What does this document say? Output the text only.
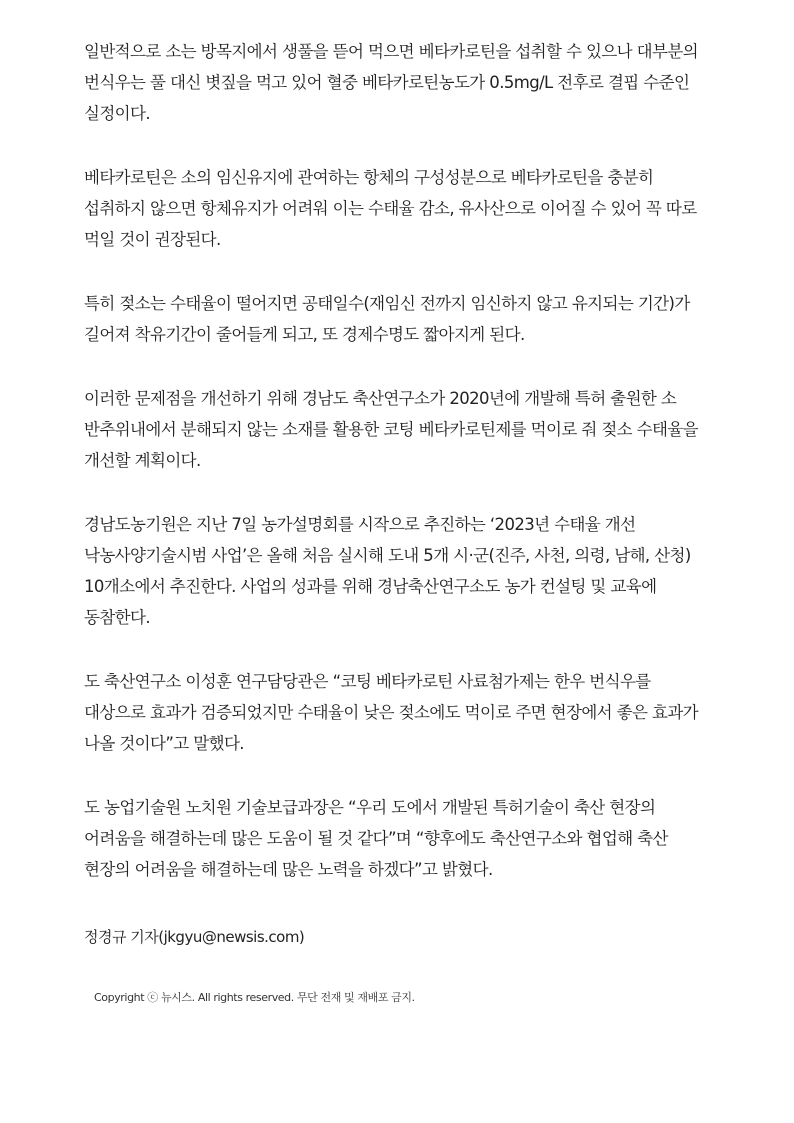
일반적으로 소는 방목지에서 생풀을 뜯어 먹으면 베타카로틴을 섭취할 수 있으나 대부분의 번식우는 풀 대신 볏짚을 먹고 있어 혈중 베타카로틴농도가 0.5mg/L 전후로 결핍 수준인 실정이다.

베타카로틴은 소의 임신유지에 관여하는 항체의 구성성분으로 베타카로틴을 충분히 섭취하지 않으면 항체유지가 어려워 이는 수태율 감소, 유사산으로 이어질 수 있어 꼭 따로 먹일 것이 권장된다.

특히 젖소는 수태율이 떨어지면 공태일수(재임신 전까지 임신하지 않고 유지되는 기간)가 길어져 착유기간이 줄어들게 되고, 또 경제수명도 짧아지게 된다.

이러한 문제점을 개선하기 위해 경남도 축산연구소가 2020년에 개발해 특허 출원한 소 반추위내에서 분해되지 않는 소재를 활용한 코팅 베타카로틴제를 먹이로 줘 젖소 수태율을 개선할 계획이다.

경남도농기원은 지난 7일 농가설명회를 시작으로 추진하는 ‘2023년 수태율 개선 낙농사양기술시범 사업’은 올해 처음 실시해 도내 5개 시·군(진주, 사천, 의령, 남해, 산청) 10개소에서 추진한다. 사업의 성과를 위해 경남축산연구소도 농가 컨설팅 및 교육에 동참한다.

도 축산연구소 이성훈 연구담당관은 “코팅 베타카로틴 사료첨가제는 한우 번식우를 대상으로 효과가 검증되었지만 수태율이 낮은 젖소에도 먹이로 주면 현장에서 좋은 효과가 나올 것이다”고 말했다.

도 농업기술원 노치원 기술보급과장은 “우리 도에서 개발된 특허기술이 축산 현장의 어려움을 해결하는데 많은 도움이 될 것 같다”며 “향후에도 축산연구소와 협업해 축산 현장의 어려움을 해결하는데 많은 노력을 하겠다”고 밝혔다.

정경규 기자(jkgyu@newsis.com)
Copyright ⓒ 뉴시스. All rights reserved. 무단 전재 및 재배포 금지.
